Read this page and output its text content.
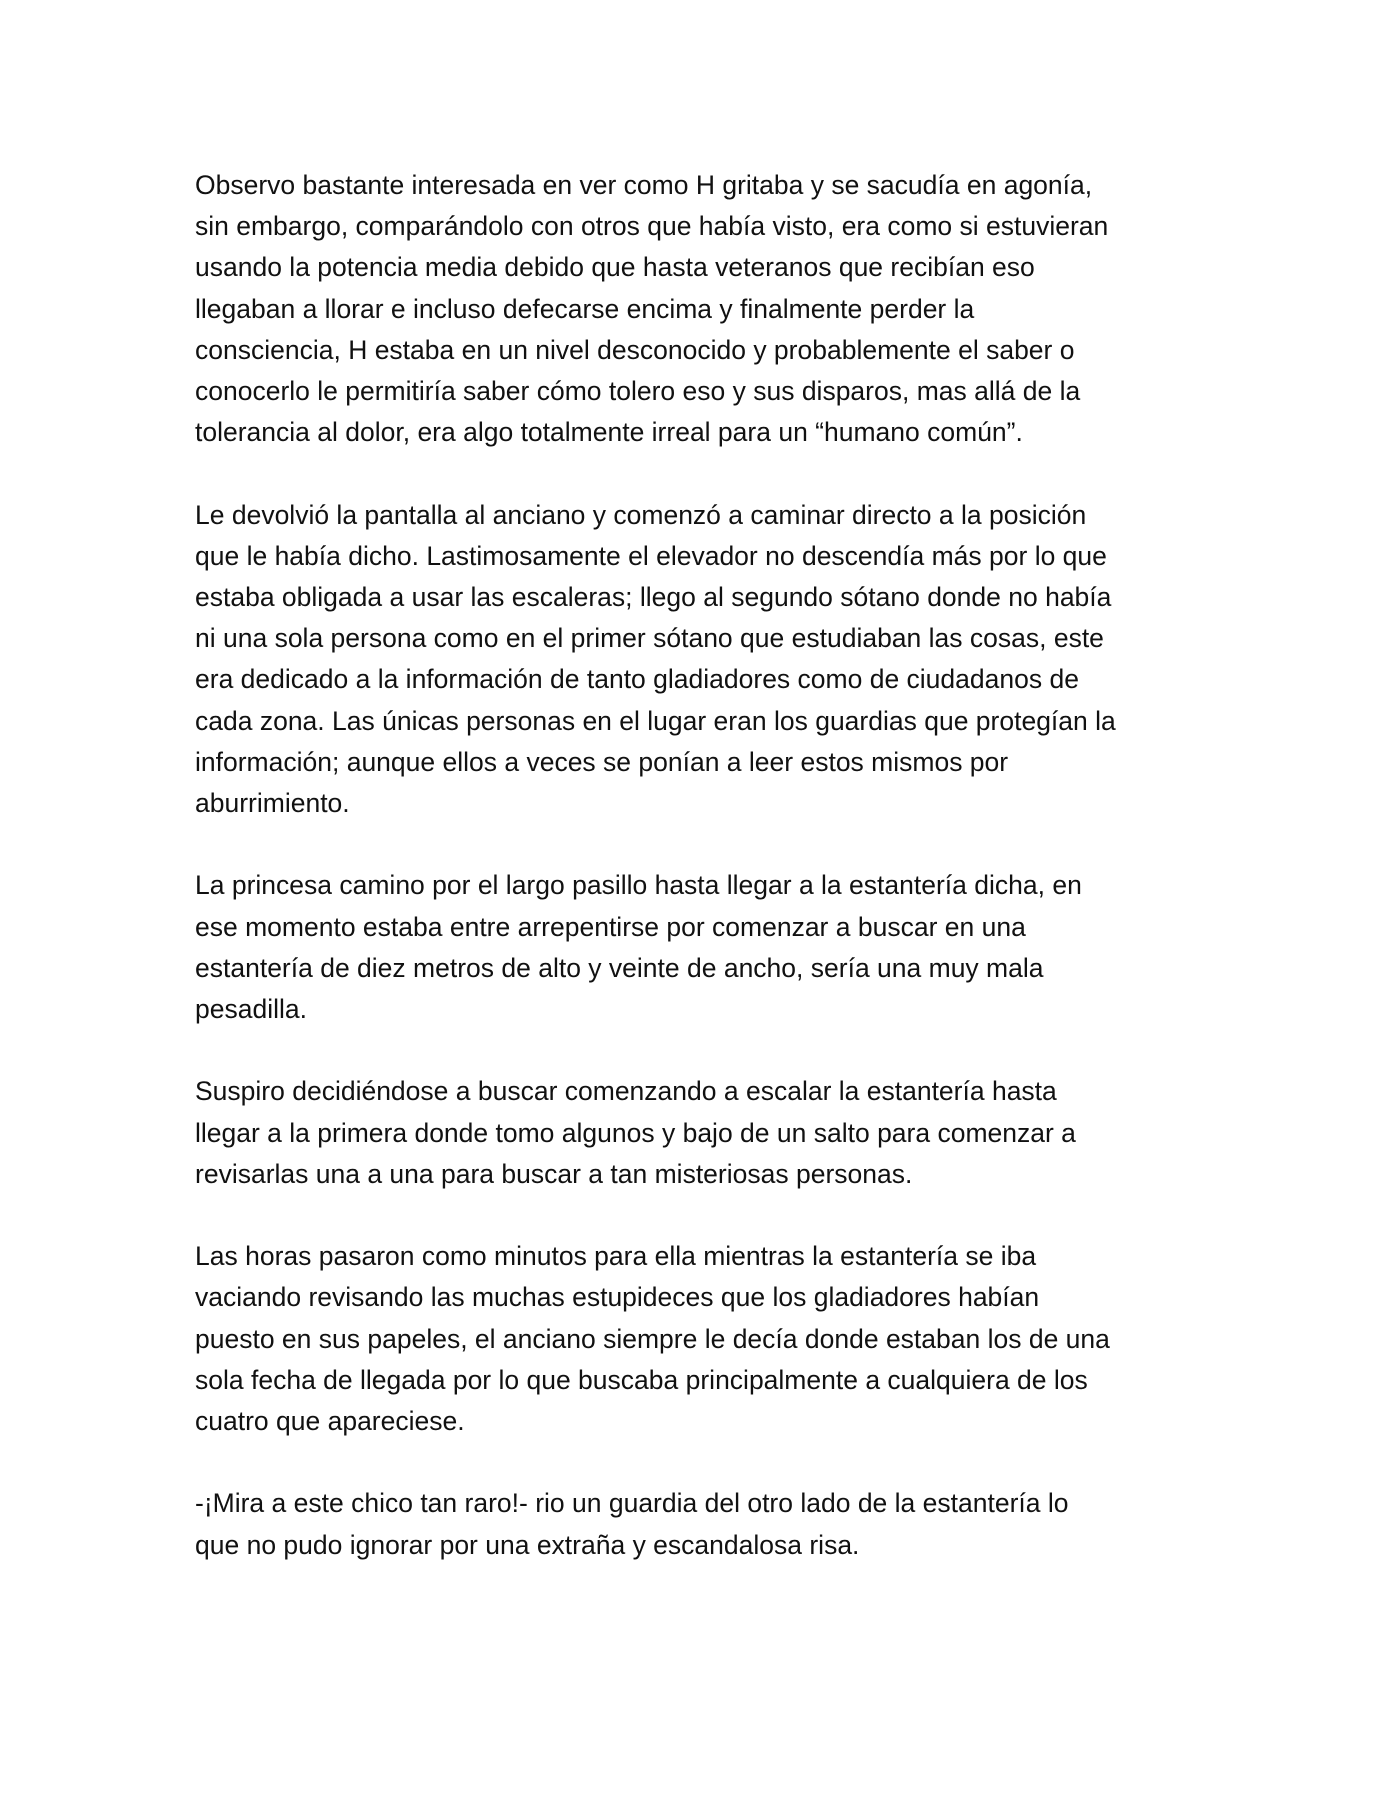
Observo bastante interesada en ver como H gritaba y se sacudía en agonía,
sin embargo, comparándolo con otros que había visto, era como si estuvieran
usando la potencia media debido que hasta veteranos que recibían eso
llegaban a llorar e incluso defecarse encima y finalmente perder la
consciencia, H estaba en un nivel desconocido y probablemente el saber o
conocerlo le permitiría saber cómo tolero eso y sus disparos, mas allá de la
tolerancia al dolor, era algo totalmente irreal para un “humano común”.

Le devolvió la pantalla al anciano y comenzó a caminar directo a la posición
que le había dicho. Lastimosamente el elevador no descendía más por lo que
estaba obligada a usar las escaleras; llego al segundo sótano donde no había
ni una sola persona como en el primer sótano que estudiaban las cosas, este
era dedicado a la información de tanto gladiadores como de ciudadanos de
cada zona. Las únicas personas en el lugar eran los guardias que protegían la
información; aunque ellos a veces se ponían a leer estos mismos por
aburrimiento.

La princesa camino por el largo pasillo hasta llegar a la estantería dicha, en
ese momento estaba entre arrepentirse por comenzar a buscar en una
estantería de diez metros de alto y veinte de ancho, sería una muy mala
pesadilla.

Suspiro decidiéndose a buscar comenzando a escalar la estantería hasta
llegar a la primera donde tomo algunos y bajo de un salto para comenzar a
revisarlas una a una para buscar a tan misteriosas personas.

Las horas pasaron como minutos para ella mientras la estantería se iba
vaciando revisando las muchas estupideces que los gladiadores habían
puesto en sus papeles, el anciano siempre le decía donde estaban los de una
sola fecha de llegada por lo que buscaba principalmente a cualquiera de los
cuatro que apareciese.

-¡Mira a este chico tan raro!- rio un guardia del otro lado de la estantería lo
que no pudo ignorar por una extraña y escandalosa risa.
